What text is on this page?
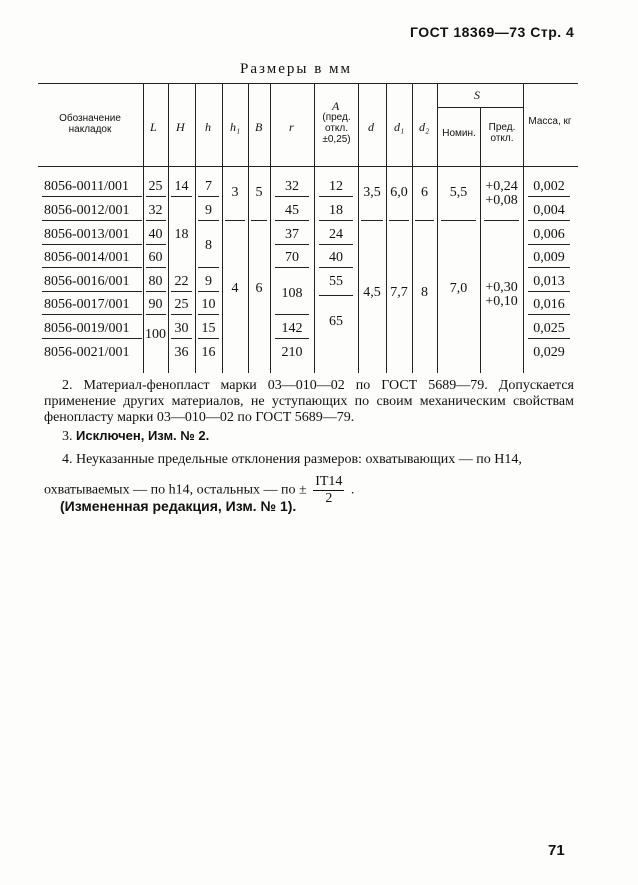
ГОСТ 18369—73 Стр. 4
Размеры в мм
Обозначение накладок	L H h h₁ B r
A
(пред. откл. ±0,25)
d d₁ d₂
S
Номин.
Пред. откл.
Масса, кг
8056-0011/001
8056-0012/001
8056-0013/001
8056-0014/001
8056-0016/001
8056-0017/001
8056-0019/001
8056-0021/001
25
32
40
60
80
90
100
14
18
22
25
30
36
7
9
8
9
10
15
16
3
4
5
6
32
45
37
70
108
142
210
12
18
24
40
55
65
3,5
4,5
6,0
7,7
6
8
5,5
7,0
+0,24
+0,08
+0,30
+0,10
0,002
0,004
0,006
0,009
0,013
0,016
0,025
0,029
2. Материал-фенопласт марки 03—010—02 по ГОСТ 5689—79. Допускается применение других материалов, не уступающих по своим механическим свойствам фенопласту марки 03—010—02 по ГОСТ 5689—79.
3. Исключен, Изм. № 2.
4. Неуказанные предельные отклонения размеров: охватывающих — по Н14,
охватываемых — по h14, остальных — по ± $\frac{IT14}{2}$ .
(Измененная редакция, Изм. № 1).
71
